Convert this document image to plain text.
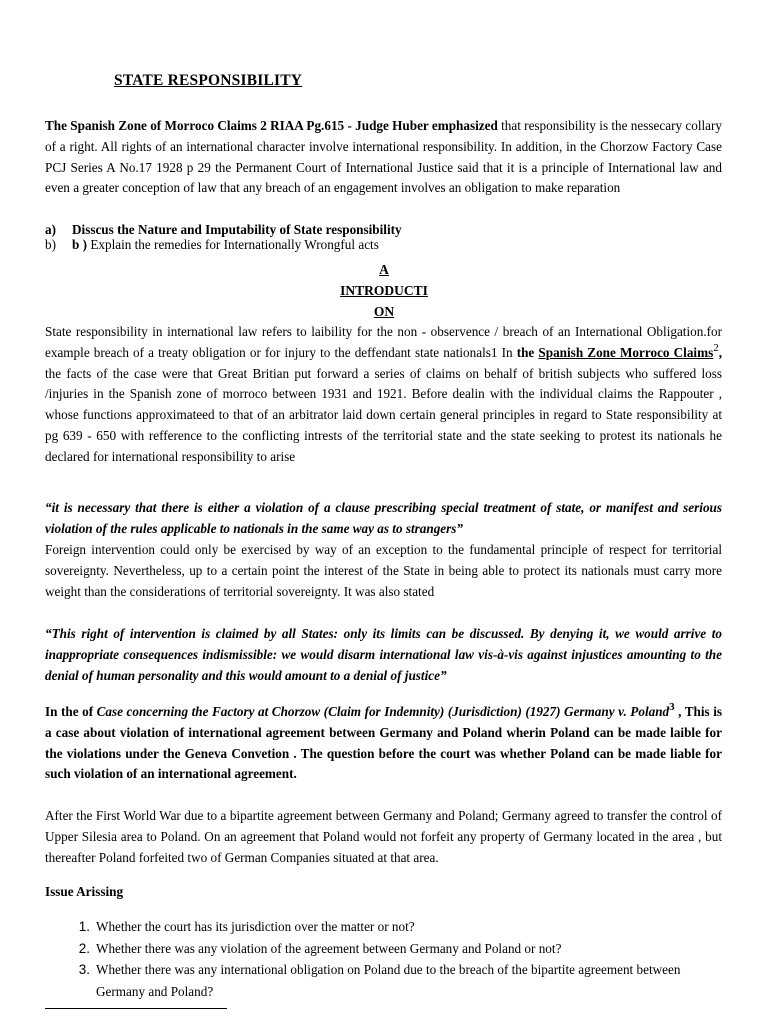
STATE RESPONSIBILITY

The Spanish Zone of Morroco Claims 2 RIAA Pg.615 - Judge Huber emphasized that responsibility is the nessecary collary of a right. All rights of an international character involve international responsibility. In addition, in the Chorzow Factory Case PCJ Series A No.17 1928 p 29 the Permanent Court of International Justice said that it is a principle of International law and even a greater conception of law that any breach of an engagement involves an obligation to make reparation

a) Disscus the Nature and Imputability of State responsibility
b) b ) Explain the remedies for Internationally Wrongful acts
A
INTRODUCTI
ON

State responsibility in international law refers to laibility for the non - observence / breach of an International Obligation.for example breach of a treaty obligation or for injury to the deffendant state nationals1 In the Spanish Zone Morroco Claims$^2$, the facts of the case were that Great Britian put forward a series of claims on behalf of british subjects who suffered loss /injuries in the Spanish zone of morroco between 1931 and 1921. Before dealin with the individual claims the Rappouter , whose functions approximateed to that of an arbitrator laid down certain general principles in regard to State responsibility at pg 639 - 650 with refference to the conflicting intrests of the territorial state and the state seeking to protest its nationals he declared for international responsibility to arise

“it is necessary that there is either a violation of a clause prescribing special treatment of state, or manifest and serious violation of the rules applicable to nationals in the same way as to strangers”

Foreign intervention could only be exercised by way of an exception to the fundamental principle of respect for territorial sovereignty. Nevertheless, up to a certain point the interest of the State in being able to protect its nationals must carry more weight than the considerations of territorial sovereignty. It was also stated

“This right of intervention is claimed by all States: only its limits can be discussed. By denying it, we would arrive to inappropriate consequences indismissible: we would disarm international law vis-à-vis against injustices amounting to the denial of human personality and this would amount to a denial of justice”

In the of Case concerning the Factory at Chorzow (Claim for Indemnity) (Jurisdiction) (1927) Germany v. Poland$^3$ , This is a case about violation of international agreement between Germany and Poland wherin Poland can be made laible for the violations under the Geneva Convetion . The question before the court was whether Poland can be made liable for such violation of an international agreement.

After the First World War due to a bipartite agreement between Germany and Poland; Germany agreed to transfer the control of Upper Silesia area to Poland. On an agreement that Poland would not forfeit any property of Germany located in the area , but thereafter Poland forfeited two of German Companies situated at that area.

Issue Arissing
1. Whether the court has its jurisdiction over the matter or not?
2. Whether there was any violation of the agreement between Germany and Poland or not?
3. Whether there was any international obligation on Poland due to the breach of the bipartite agreement between Germany and Poland?
